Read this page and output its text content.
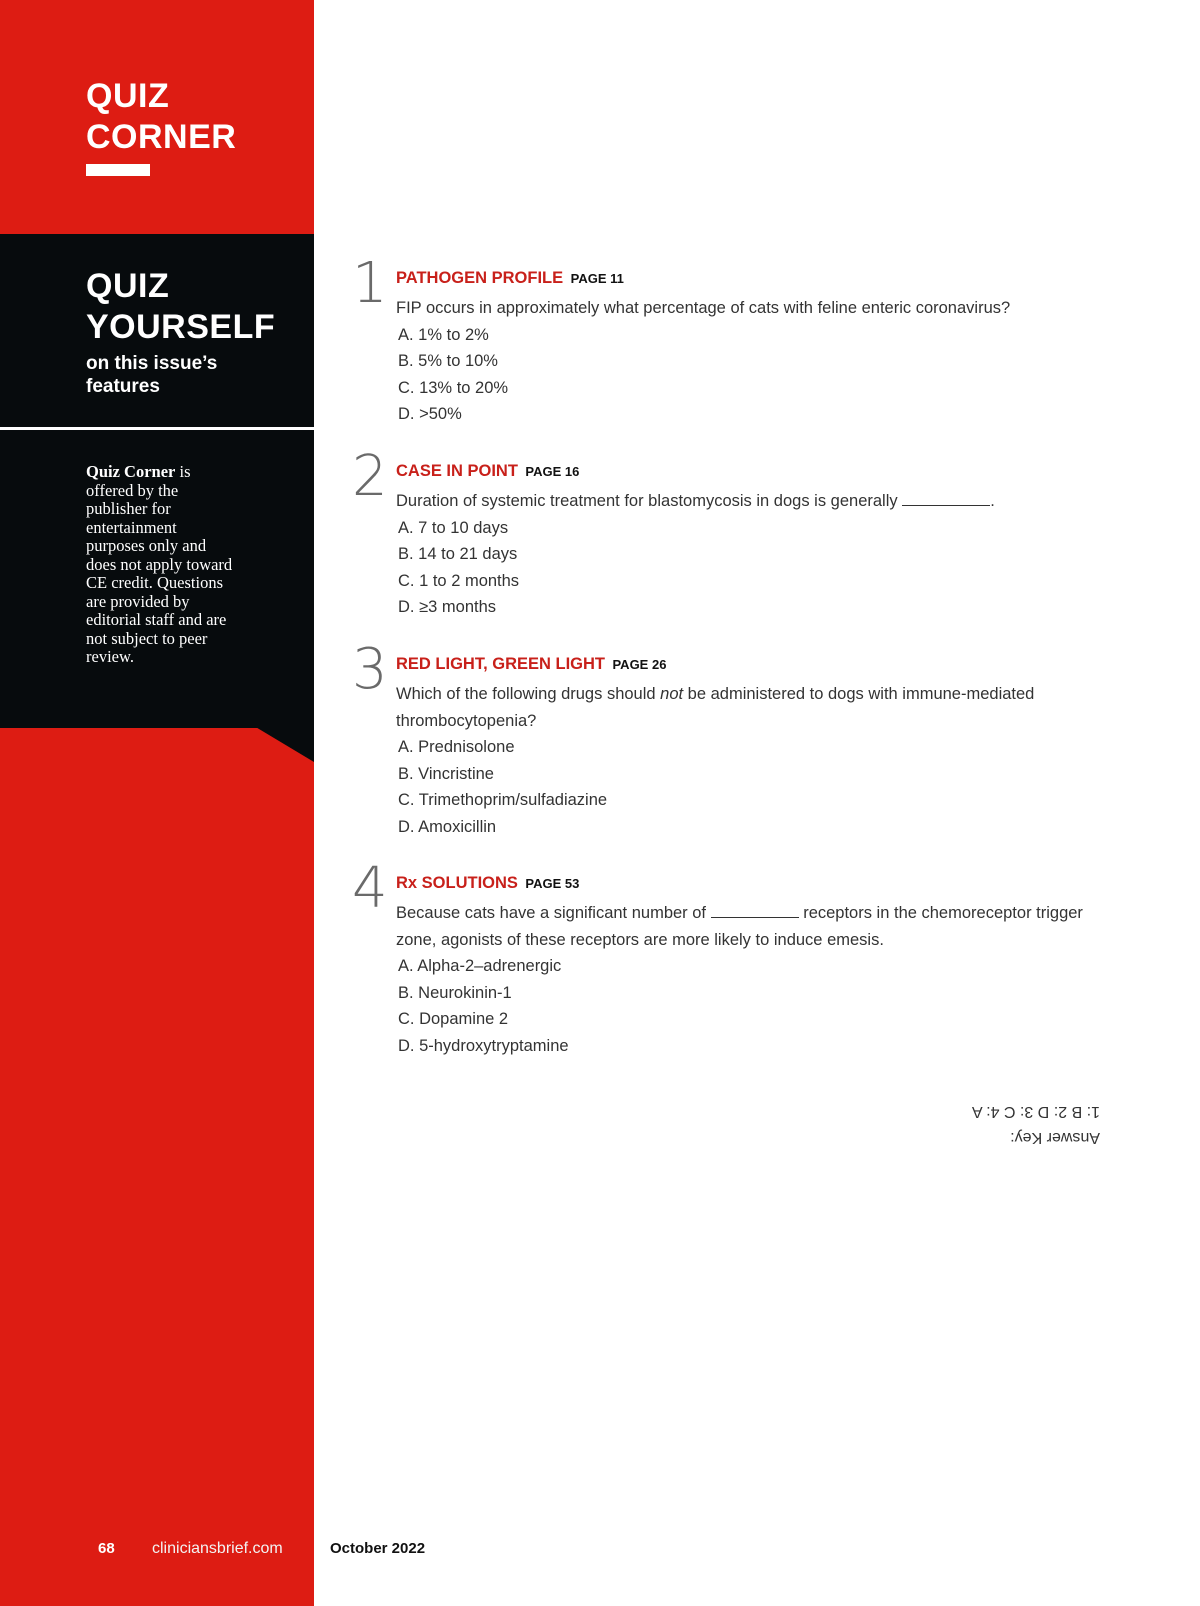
QUIZ
CORNER
QUIZ
YOURSELF
on this issue’s features
Quiz Corner is offered by the publisher for entertainment purposes only and does not apply toward CE credit. Questions are provided by editorial staff and are not subject to peer review.
68 cliniciansbrief.com	October 2022
1 PATHOGEN PROFILE PAGE 11
FIP occurs in approximately what percentage of cats with feline enteric coronavirus?
A. 1% to 2%
B. 5% to 10%
C. 13% to 20%
D. >50%
2 CASE IN POINT PAGE 16
Duration of systemic treatment for blastomycosis in dogs is generally	.
A. 7 to 10 days
B. 14 to 21 days
C. 1 to 2 months
D. ≥3 months
3 RED LIGHT, GREEN LIGHT PAGE 26
Which of the following drugs should not be administered to dogs with immune-mediated thrombocytopenia?
A. Prednisolone
B. Vincristine
C. Trimethoprim/sulfadiazine
D. Amoxicillin
4 Rx SOLUTIONS PAGE 53
Because cats have a significant number of	receptors in the chemoreceptor trigger zone, agonists of these receptors are more likely to induce emesis.
A. Alpha-2–adrenergic
B. Neurokinin-1
C. Dopamine 2
D. 5-hydroxytryptamine
Answer Key:
1: B 2: D 3: C 4: A
